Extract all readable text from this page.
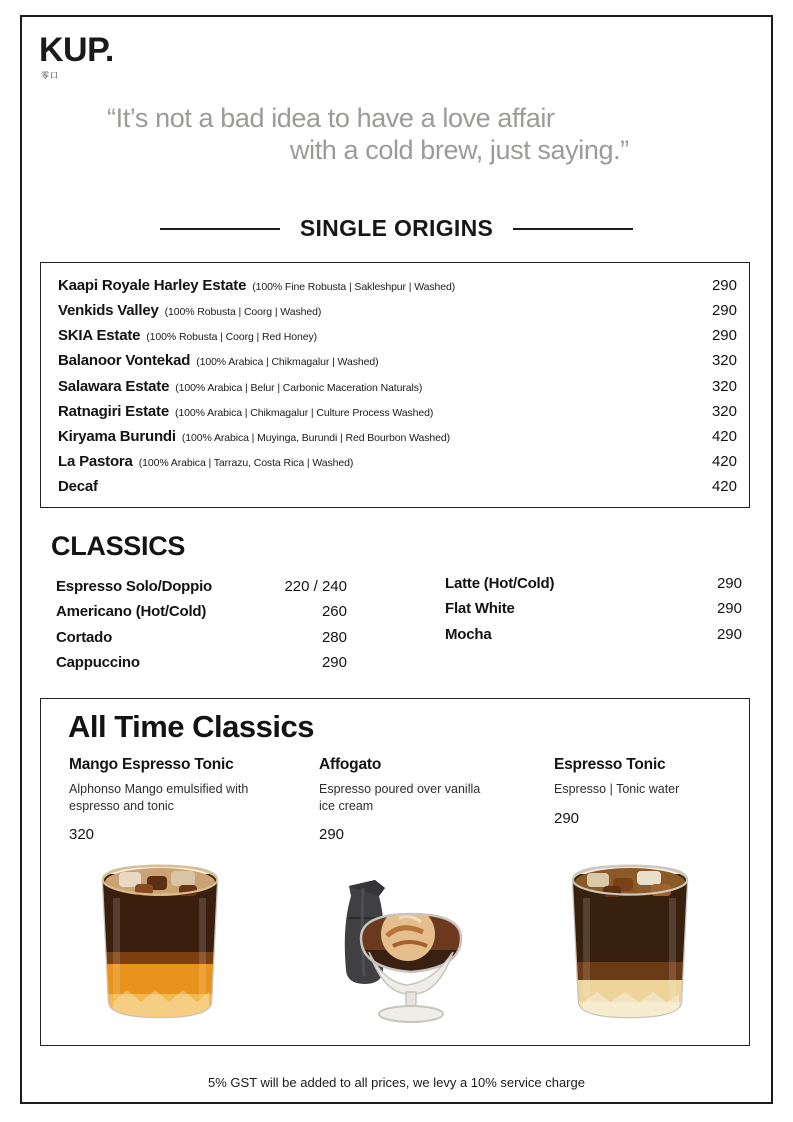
KUP.
零口
“It’s not a bad idea to have a love affair
with a cold brew, just saying.”
SINGLE ORIGINS
Kaapi Royale Harley Estate (100% Fine Robusta | Sakleshpur | Washed)	290
Venkids Valley (100% Robusta | Coorg | Washed)	290
SKIA Estate (100% Robusta | Coorg | Red Honey)	290
Balanoor Vontekad (100% Arabica | Chikmagalur | Washed)	320
Salawara Estate (100% Arabica | Belur | Carbonic Maceration Naturals)	320
Ratnagiri Estate (100% Arabica | Chikmagalur | Culture Process Washed)	320
Kiryama Burundi (100% Arabica | Muyinga, Burundi | Red Bourbon Washed)	420
La Pastora (100% Arabica | Tarrazu, Costa Rica | Washed)	420
Decaf	420
CLASSICS
Espresso Solo/Doppio	220 / 240
Americano (Hot/Cold)	260
Cortado	280
Cappuccino	290
Latte (Hot/Cold)	290
Flat White	290
Mocha	290
All Time Classics
Mango Espresso Tonic
Alphonso Mango emulsified with espresso and tonic
320
Affogato
Espresso poured over vanilla ice cream
290
Espresso Tonic
Espresso | Tonic water
290
5% GST will be added to all prices, we levy a 10% service charge
